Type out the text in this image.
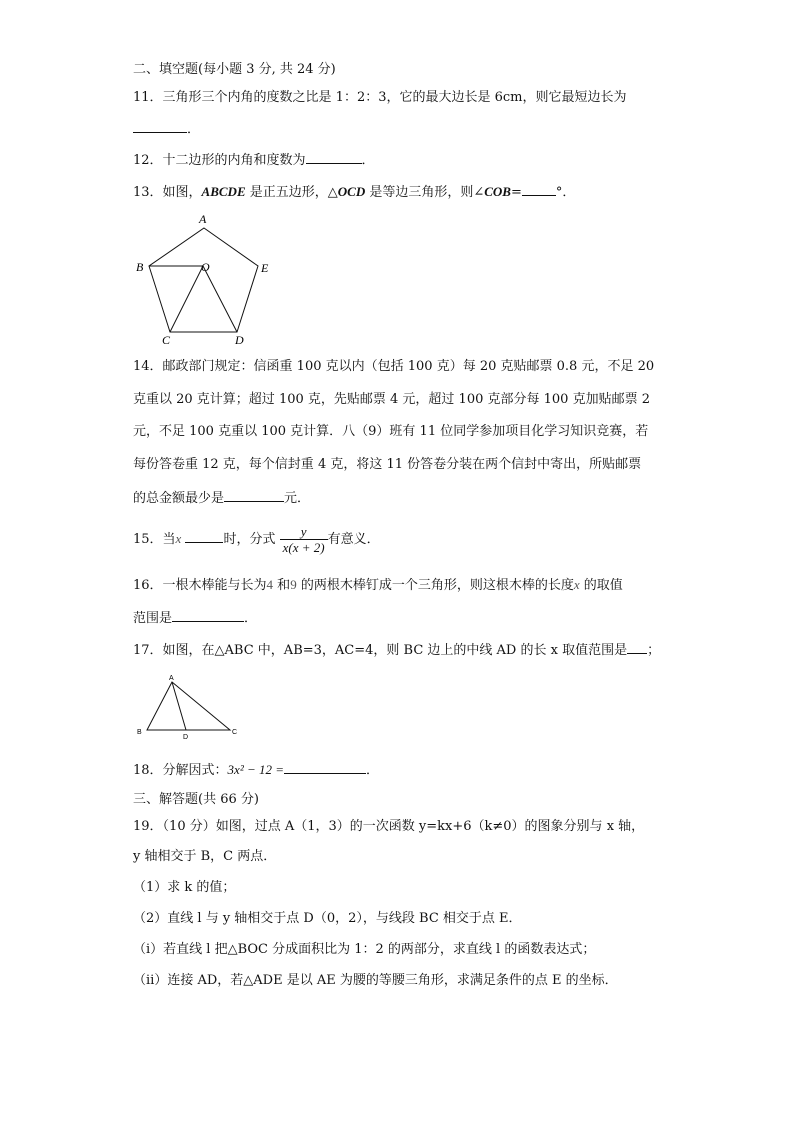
二、填空题(每小题 3 分, 共 24 分)
11．三角形三个内角的度数之比是 1：2：3，它的最大边长是 6cm，则它最短边长为
．
12．十二边形的内角和度数为	．
13．如图，ABCDE 是正五边形，△OCD 是等边三角形，则∠COB=	°．
A
B	O	E
C	D
14．邮政部门规定：信函重 100 克以内（包括 100 克）每 20 克贴邮票 0.8 元，不足 20
克重以 20 克计算；超过 100 克，先贴邮票 4 元，超过 100 克部分每 100 克加贴邮票 2
元，不足 100 克重以 100 克计算．八（9）班有 11 位同学参加项目化学习知识竞赛，若
每份答卷重 12 克，每个信封重 4 克，将这 11 份答卷分装在两个信封中寄出，所贴邮票
的总金额最少是	元．
15．当x	时，分式 $\frac{y}{x(x + 2)}$ 有意义．
16．一根木棒能与长为4 和9 的两根木棒钉成一个三角形，则这根木棒的长度x 的取值
范围是	．
17．如图，在△ABC 中，AB=3，AC=4，则 BC 边上的中线 AD 的长 x 取值范围是 ；
A
B
D
C
18．分解因式：3x² − 12 =	．
三、解答题(共 66 分)
19．（10 分）如图，过点 A（1，3）的一次函数 y=kx+6（k≠0）的图象分别与 x 轴，
y 轴相交于 B，C 两点．
（1）求 k 的值；
（2）直线 l 与 y 轴相交于点 D（0，2），与线段 BC 相交于点 E．
（i）若直线 l 把△BOC 分成面积比为 1：2 的两部分，求直线 l 的函数表达式；
（ⅱ）连接 AD，若△ADE 是以 AE 为腰的等腰三角形，求满足条件的点 E 的坐标．
